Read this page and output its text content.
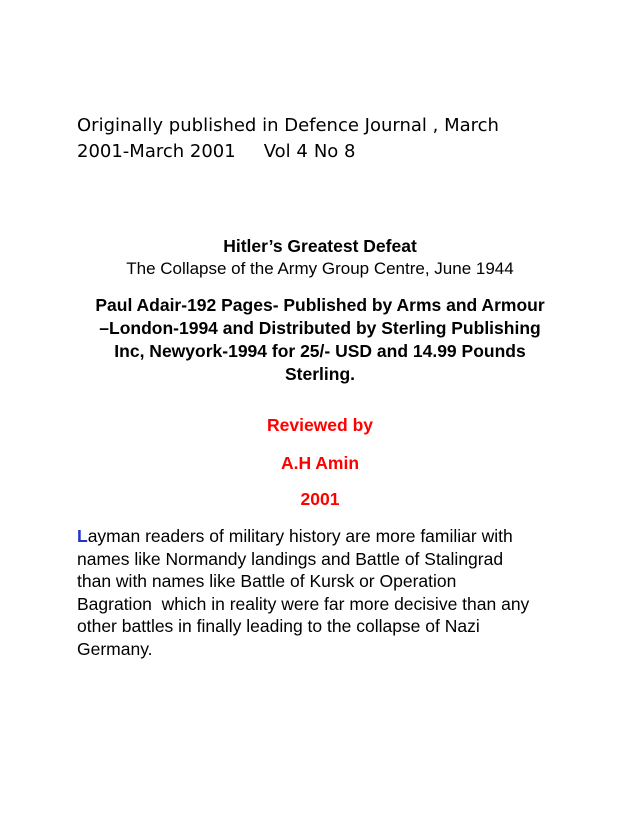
Originally published in Defence Journal , March
2001-March 2001 Vol 4 No 8
Hitler’s Greatest Defeat
The Collapse of the Army Group Centre, June 1944
Paul Adair-192 Pages- Published by Arms and Armour
–London-1994 and Distributed by Sterling Publishing
Inc, Newyork-1994 for 25/- USD and 14.99 Pounds
Sterling.
Reviewed by
A.H Amin
2001
Layman readers of military history are more familiar with
names like Normandy landings and Battle of Stalingrad
than with names like Battle of Kursk or Operation
Bagration  which in reality were far more decisive than any
other battles in finally leading to the collapse of Nazi
Germany.
